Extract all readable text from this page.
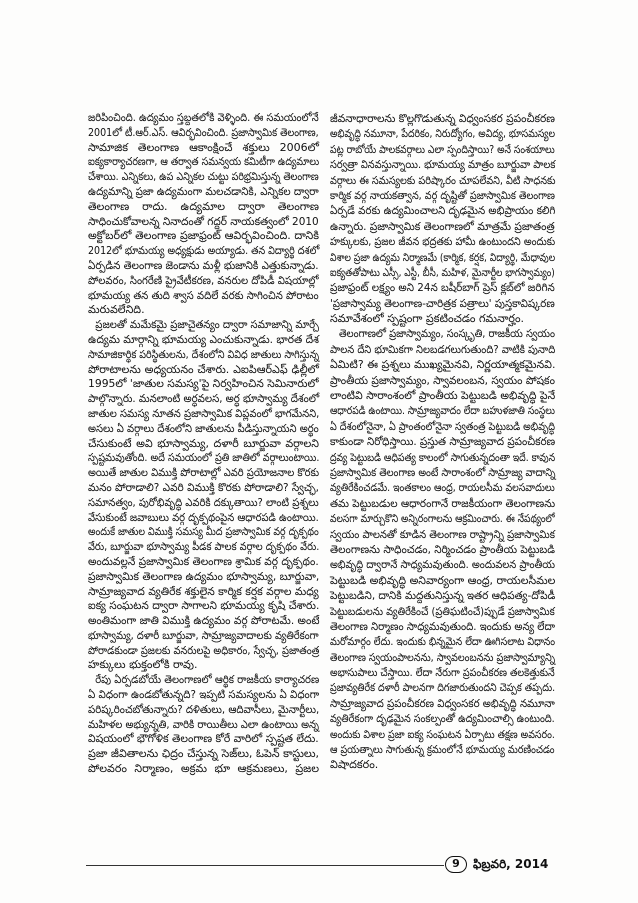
జరిపించింది. ఉద్యమం స్తబ్దతలోకి వెళ్ళింది. ఈ సమయంలోనే
2001లో టీ.ఆర్.ఎస్. ఆవిర్భవించింది. ప్రజాస్వామిక తెలంగాణ,
సామాజిక తెలంగాణ ఆకాంక్షించే శక్తులు 2006లో
ఐక్యకార్యాచరణగా, ఆ తర్వాత సమన్వయ కమిటీగా ఉద్యమాలు
చేశాయి. ఎన్నికలు, ఉప ఎన్నికల చుట్టు పరిభ్రమిస్తున్న తెలంగాణ
ఉద్యమాన్ని ప్రజా ఉద్యమంగా మలచడానికి, ఎన్నికల ద్వారా
తెలంగాణ రాదు. ఉద్యమాల ద్వారా తెలంగాణ
సాధించుకోవాలన్న నినాదంతో గద్దర్ నాయకత్వంలో 2010
అక్టోబర్‌లో తెలంగాణ ప్రజాఫ్రంట్ ఆవిర్భవించింది. దానికి
2012లో భూమయ్య అధ్యక్షుడు అయ్యాడు. తన విద్యార్థి దశలో
ఏర్పడిన తెలంగాణ జెండాను మళ్లీ భుజానికి ఎత్తుకున్నాడు.
పోలవరం, సింగరేణి ప్రైవేటీకరణ, వనరుల దోపిడీ విషయాల్లో
భూమయ్య తన తుది శ్వాస వదిలే వరకు సాగించిన పోరాటం
మరువలేనిది.
ప్రజలతో మమేకమై ప్రజాచైతన్యం ద్వారా సమాజాన్ని మార్చే
ఉద్యమ మార్గాన్ని భూమయ్య ఎంచుకున్నాడు. భారత దేశ
సామాజికార్థిక పరిస్థితులను, దేశంలోని వివిధ జాతులు సాగిస్తున్న
పోరాటాలను అధ్యయనం చేశారు. ఎఐపిఆర్ఎఫ్ ఢిల్లీలో
1995లో 'జాతుల సమస్య'పై నిర్వహించిన సెమినారులో
పాల్గొన్నారు. మనలాంటి అర్ధవలస, అర్ధ భూస్వామ్య దేశంలో
జాతుల సమస్య నూతన ప్రజాస్వామిక విప్లవంలో భాగమేనని,
అసలు ఏ వర్గాలు దేశంలోని జాతులను పీడిస్తున్నాయని అర్థం
చేసుకుంటే అవి భూస్వామ్య, దళారీ బూర్జువా వర్గాలని
స్పష్టమవుతోంది. అదే సమయంలో ప్రతి జాతిలో వర్గాలుంటాయి.
అయితే జాతుల విముక్తి పోరాటాల్లో ఎవరి ప్రయోజనాల కొరకు
మనం పోరాడాలి? ఎవరి విముక్తి కొరకు పోరాడాలి? స్వేచ్ఛ,
సమానత్వం, పురోభివృద్ధి ఎవరికి దక్కుతాయి? లాంటి ప్రశ్నలు
వేసుకుంటే జవాబులు వర్గ దృక్పథంపైన ఆధారపడి ఉంటాయి.
అందుకే జాతుల విముక్తి సమస్య మీద ప్రజాస్వామిక వర్గ దృక్పథం
వేరు, బూర్జువా భూస్వామ్య పీడక పాలక వర్గాల దృక్పథం వేరు.
అందువల్లనే ప్రజాస్వామిక తెలంగాణ శ్రామిక వర్గ దృక్పథం.
ప్రజాస్వామిక తెలంగాణ ఉద్యమం భూస్వామ్య, బూర్జువా,
సామ్రాజ్యవాద వ్యతిరేక శక్తులైన కార్మిక కర్షక వర్గాల మధ్య
ఐక్య సంఘటన ద్వారా సాగాలని భూమయ్య కృషి చేశారు.
అంతిమంగా జాతి విముక్తి ఉద్యమం వర్గ పోరాటమే. అంటే
భూస్వామ్య, దళారీ బూర్జువా, సామ్రాజ్యవాదాలకు వ్యతిరేకంగా
పోరాడకుండా ప్రజలకు వనరులపై అధికారం, స్వేచ్ఛ, ప్రజాతంత్ర
హక్కులు భుక్తంలోకి రావు.
రేపు ఏర్పడబోయే తెలంగాణలో ఆర్థిక రాజకీయ కార్యాచరణ
ఏ విధంగా ఉండబోతున్నది? ఇప్పటి సమస్యలను ఏ విధంగా
పరిష్కరించబోతున్నారు? దళితులు, ఆదివాసీలు, మైనార్టీలు,
మహిళల అభ్యున్నతి, వారికి రాయితీలు ఎలా ఉంటాయి అన్న
విషయంలో భౌగోళిక తెలంగాణ కోరే వారిలో స్పష్టత లేదు.
ప్రజా జీవితాలను ఛిద్రం చేస్తున్న సెజ్‌లు, ఓపెన్ కాస్టులు,
పోలవరం నిర్మాణం, అక్రమ భూ ఆక్రమణలు, ప్రజల
జీవనాధారాలను కొల్లగొడుతున్న విధ్వంసకర ప్రపంచీకరణ
అభివృద్ధి నమూనా, పేదరికం, నిరుద్యోగం, అవిద్య, భూసమస్యల
పట్ల రాబోయే పాలకవర్గాలు ఎలా స్పందిస్తాయి? అనే సంశయాలు
సర్వత్రా వినవస్తున్నాయి. భూమయ్య మాత్రం బూర్జువా పాలక
వర్గాలు ఈ సమస్యలకు పరిష్కారం చూపలేవని, వీటి సాధనకు
కార్మిక వర్గ నాయకత్వాన, వర్గ దృష్టితో ప్రజాస్వామిక తెలంగాణ
ఏర్పడే వరకు ఉద్యమించాలని దృఢమైన అభిప్రాయం కలిగి
ఉన్నారు. ప్రజాస్వామిక తెలంగాణలో మాత్రమే ప్రజాతంత్ర
హక్కులకు, ప్రజల జీవన భద్రతకు హామీ ఉంటుందని అందుకు
విశాల ప్రజా ఉద్యమ నిర్మాణమే (కార్మిక, కర్షక, విద్యార్థి, మేధావుల
ఐక్యతతోపాటు ఎస్సీ, ఎస్టీ, బీసీ, మహిళ, మైనార్టీల భాగస్వామ్యం)
ప్రజాఫ్రంట్ లక్ష్యం అని 24న బషీర్‌బాగ్ ప్రెస్ క్లబ్‌లో జరిగిన
'ప్రజాస్వామ్య తెలంగాణ-చారిత్రక పత్రాలు' పుస్తకావిష్కరణ
సమావేశంలో స్పష్టంగా ప్రకటించడం గమనార్హం.
తెలంగాణలో ప్రజాస్వామ్యం, సంస్కృతి, రాజకీయ స్వయం
పాలన దేని భూమికగా నిలబడగలుగుతుంది? వాటికి పునాది
ఏమిటి? ఈ ప్రశ్నలు ముఖ్యమైనవి, నిర్ణయాత్మకమైనవి.
ప్రాంతీయ ప్రజాస్వామ్యం, స్వావలంబన, స్వయం పోషకం
లాంటివి సారాంశంలో ప్రాంతీయ పెట్టుబడి అభివృద్ధి పైనే
ఆధారపడి ఉంటాయి. సామ్రాజ్యవాదం లేదా బహుళజాతి సంస్థలు
ఏ దేశంలోనైనా, ఏ ప్రాంతంలోనైనా స్వతంత్ర పెట్టుబడి అభివృద్ధి
కాకుండా నిరోధిస్తాయి. ప్రస్తుత సామ్రాజ్యవాద ప్రపంచీకరణ
ద్రవ్య పెట్టుబడి ఆధిపత్య కాలంలో సాగుతున్నదంతా ఇదే. కావున
ప్రజాస్వామిక తెలంగాణ అంటే సారాంశంలో సామ్రాజ్య వాదాన్ని
వ్యతిరేకించడమే. ఇంతకాలం ఆంధ్ర, రాయలసీమ వలసవాదులు
తమ పెట్టుబడుల ఆధారంగానే రాజకీయంగా తెలంగాణను
వలసగా మార్చుకొని అన్నిరంగాలను ఆక్రమించారు. ఈ నేపథ్యంలో
స్వయం పాలనతో కూడిన తెలంగాణ రాష్ట్రాన్ని ప్రజాస్వామిక
తెలంగాణను సాధించడం, నిర్మించడం ప్రాంతీయ పెట్టుబడి
అభివృద్ధి ద్వారానే సాధ్యమవుతుంది. అందువలన ప్రాంతీయ
పెట్టుబడి అభివృద్ధి అనివార్యంగా ఆంధ్ర, రాయలసీమల
పెట్టుబడిని, దానికి మద్దతునిస్తున్న ఇతర ఆధిపత్య-దోపిడీ
పెట్టుబడులను వ్యతిరేకించే (ప్రతిఘటించే)ప్పుడే ప్రజాస్వామిక
తెలంగాణ నిర్మాణం సాధ్యమవుతుంది. ఇందుకు అన్య లేదా
మరోమార్గం లేదు. ఇందుకు భిన్నమైన లేదా ఊగిసలాట విధానం
తెలంగాణ స్వయంపాలనను, స్వావలంబనను ప్రజాస్వామ్యాన్ని
అభాసుపాలు చేస్తాయి. లేదా నేరుగా ప్రపంచీకరణ తలకెత్తుకునే
ప్రజావ్యతిరేక దళారీ పాలనగా దిగజారుతుందని చెప్పక తప్పదు.
సామ్రాజ్యవాద ప్రపంచీకరణ విధ్వంసకర అభివృద్ధి నమూనా
వ్యతిరేకంగా దృఢమైన సంకల్పంతో ఉద్యమించాల్సి ఉంటుంది.
అందుకు విశాల ప్రజా ఐక్య సంఘటన ఏర్పాటు తక్షణ అవసరం.
ఆ ప్రయత్నాలు సాగుతున్న క్రమంలోనే భూమయ్య మరణించడం
విషాదకరం.
9	ఫిబ్రవరి, 2014
